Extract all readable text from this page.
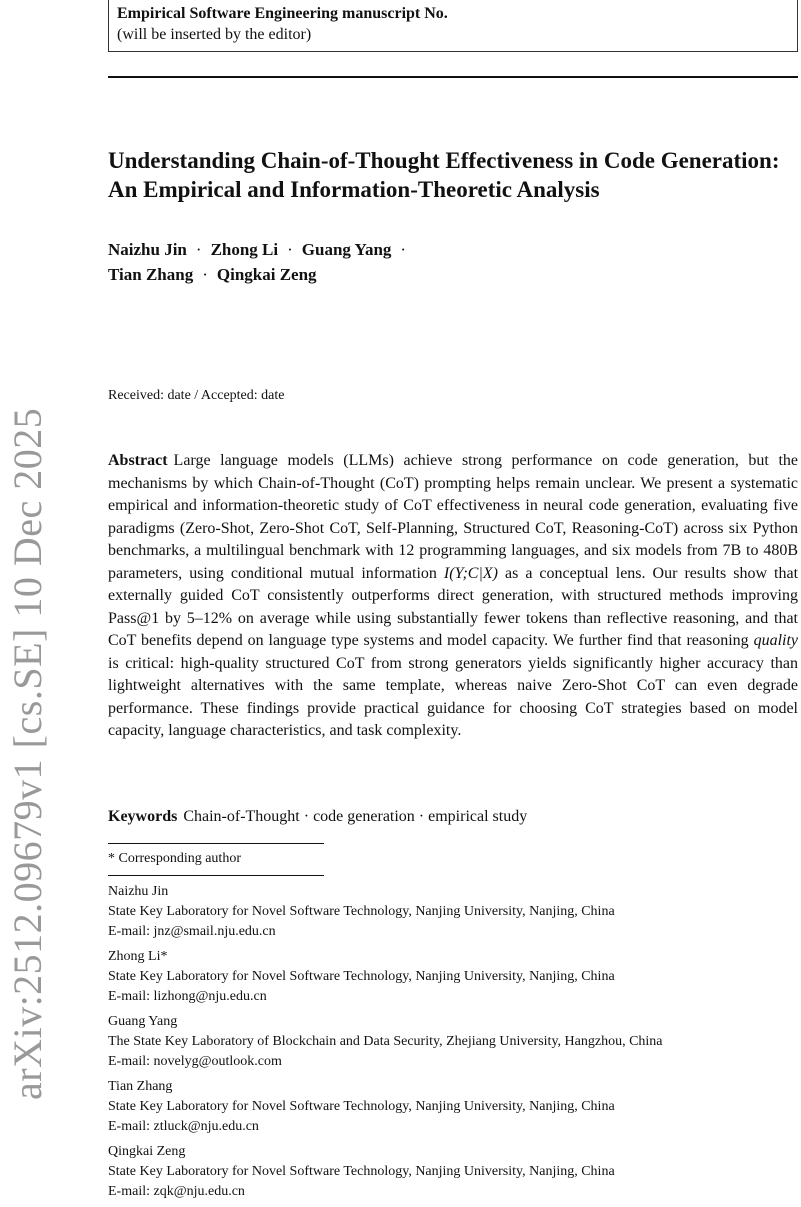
Empirical Software Engineering manuscript No.
(will be inserted by the editor)
Understanding Chain-of-Thought Effectiveness in Code Generation: An Empirical and Information-Theoretic Analysis
Naizhu Jin · Zhong Li · Guang Yang ·
Tian Zhang · Qingkai Zeng
Received: date / Accepted: date

Abstract Large language models (LLMs) achieve strong performance on code generation, but the mechanisms by which Chain-of-Thought (CoT) prompting helps remain unclear. We present a systematic empirical and information-theoretic study of CoT effectiveness in neural code generation, evaluating five paradigms (Zero-Shot, Zero-Shot CoT, Self-Planning, Structured CoT, Reasoning-CoT) across six Python benchmarks, a multilingual benchmark with 12 programming languages, and six models from 7B to 480B parameters, using conditional mutual information I(Y;C|X) as a conceptual lens. Our results show that externally guided CoT consistently outperforms direct generation, with structured methods improving Pass@1 by 5–12% on average while using substantially fewer tokens than reflective reasoning, and that CoT benefits depend on language type systems and model capacity. We further find that reasoning quality is critical: high-quality structured CoT from strong generators yields significantly higher accuracy than lightweight alternatives with the same template, whereas naive Zero-Shot CoT can even degrade performance. These findings provide practical guidance for choosing CoT strategies based on model capacity, language characteristics, and task complexity.

Keywords Chain-of-Thought · code generation · empirical study
* Corresponding author
Naizhu Jin
State Key Laboratory for Novel Software Technology, Nanjing University, Nanjing, China
E-mail: jnz@smail.nju.edu.cn
Zhong Li*
State Key Laboratory for Novel Software Technology, Nanjing University, Nanjing, China
E-mail: lizhong@nju.edu.cn
Guang Yang
The State Key Laboratory of Blockchain and Data Security, Zhejiang University, Hangzhou, China
E-mail: novelyg@outlook.com
Tian Zhang
State Key Laboratory for Novel Software Technology, Nanjing University, Nanjing, China
E-mail: ztluck@nju.edu.cn
Qingkai Zeng
State Key Laboratory for Novel Software Technology, Nanjing University, Nanjing, China
E-mail: zqk@nju.edu.cn
arXiv:2512.09679v1 [cs.SE] 10 Dec 2025
